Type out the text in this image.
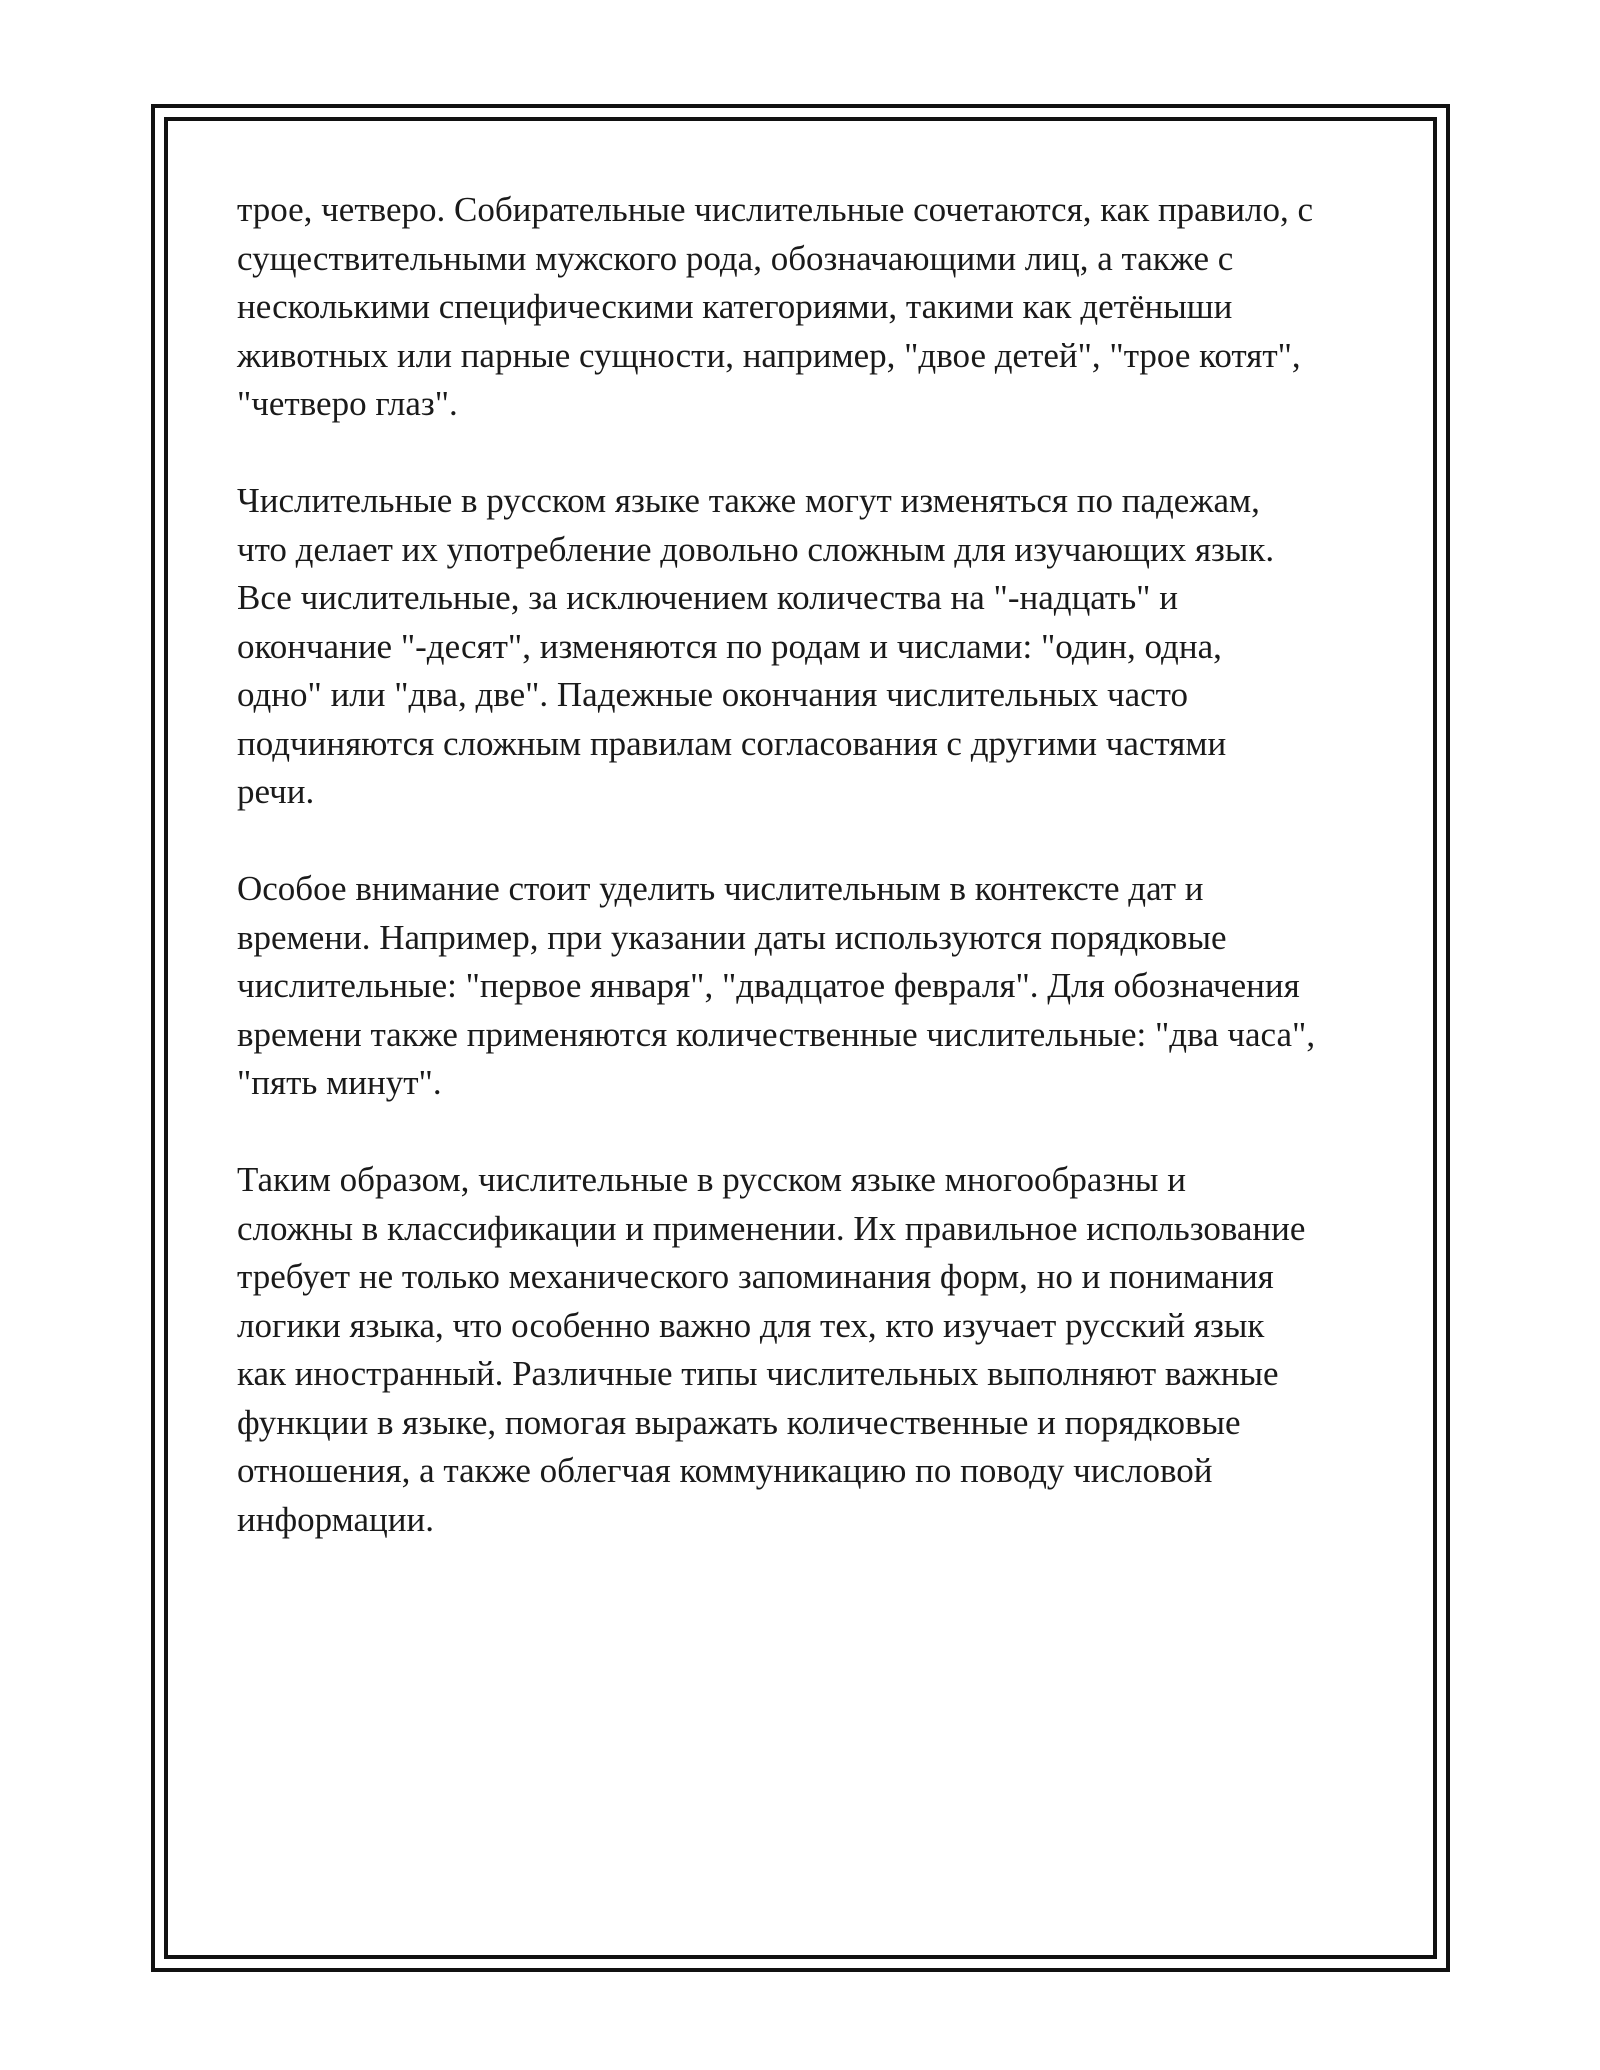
трое, четверо. Собирательные числительные сочетаются, как правило, с
существительными мужского рода, обозначающими лиц, а также с
несколькими специфическими категориями, такими как детёныши
животных или парные сущности, например, "двое детей", "трое котят",
"четверо глаз".

Числительные в русском языке также могут изменяться по падежам,
что делает их употребление довольно сложным для изучающих язык.
Все числительные, за исключением количества на "-надцать" и
окончание "-десят", изменяются по родам и числами: "один, одна,
одно" или "два, две". Падежные окончания числительных часто
подчиняются сложным правилам согласования с другими частями
речи.

Особое внимание стоит уделить числительным в контексте дат и
времени. Например, при указании даты используются порядковые
числительные: "первое января", "двадцатое февраля". Для обозначения
времени также применяются количественные числительные: "два часа",
"пять минут".

Таким образом, числительные в русском языке многообразны и
сложны в классификации и применении. Их правильное использование
требует не только механического запоминания форм, но и понимания
логики языка, что особенно важно для тех, кто изучает русский язык
как иностранный. Различные типы числительных выполняют важные
функции в языке, помогая выражать количественные и порядковые
отношения, а также облегчая коммуникацию по поводу числовой
информации.
